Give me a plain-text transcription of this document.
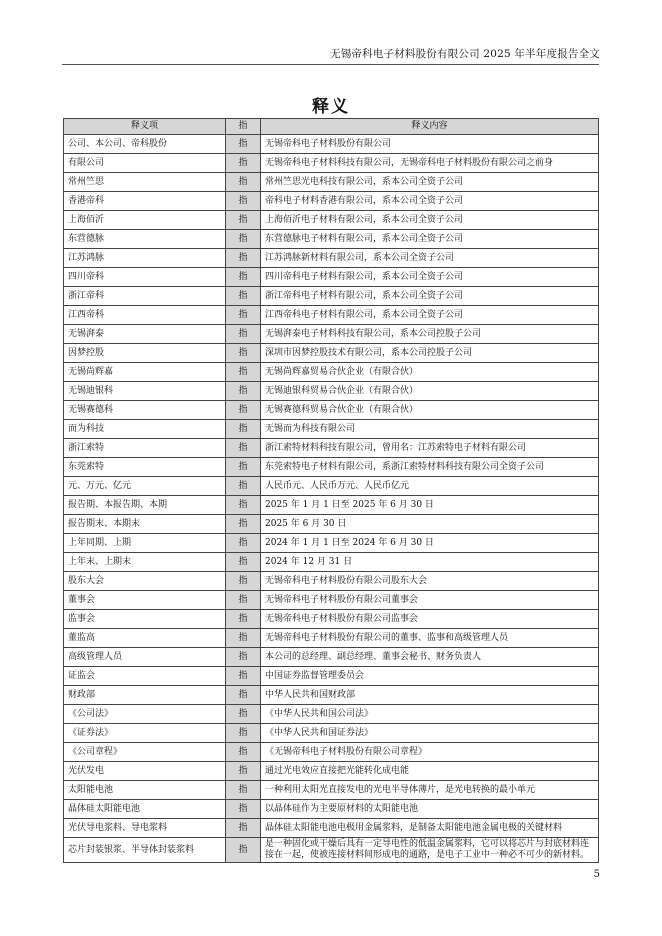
无锡帝科电子材料股份有限公司 2025 年半年度报告全文
释义
释义项	指	释义内容
公司、本公司、帝科股份	指	无锡帝科电子材料股份有限公司
有限公司	指	无锡帝科电子材料科技有限公司，无锡帝科电子材料股份有限公司之前身
常州竺思	指	常州竺思光电科技有限公司，系本公司全资子公司
香港帝科	指	帝科电子材料香港有限公司，系本公司全资子公司
上海佰沂	指	上海佰沂电子材料有限公司，系本公司全资子公司
东营德脉	指	东营德脉电子材料有限公司，系本公司全资子公司
江苏鸿脉	指	江苏鸿脉新材料有限公司，系本公司全资子公司
四川帝科	指	四川帝科电子材料有限公司，系本公司全资子公司
浙江帝科	指	浙江帝科电子材料有限公司，系本公司全资子公司
江西帝科	指	江西帝科电子材料有限公司，系本公司全资子公司
无锡湃泰	指	无锡湃泰电子材料科技有限公司，系本公司控股子公司
因梦控股	指	深圳市因梦控股技术有限公司，系本公司控股子公司
无锡尚辉嘉	指	无锡尚辉嘉贸易合伙企业（有限合伙）
无锡迪银科	指	无锡迪银科贸易合伙企业（有限合伙）
无锡赛德科	指	无锡赛德科贸易合伙企业（有限合伙）
而为科技	指	无锡而为科技有限公司
浙江索特	指	浙江索特材料科技有限公司，曾用名：江苏索特电子材料有限公司
东莞索特	指	东莞索特电子材料有限公司，系浙江索特材料科技有限公司全资子公司
元、万元、亿元	指	人民币元、人民币万元、人民币亿元
报告期、本报告期、本期	指	2025 年 1 月 1 日至 2025 年 6 月 30 日
报告期末、本期末	指	2025 年 6 月 30 日
上年同期、上期	指	2024 年 1 月 1 日至 2024 年 6 月 30 日
上年末、上期末	指	2024 年 12 月 31 日
股东大会	指	无锡帝科电子材料股份有限公司股东大会
董事会	指	无锡帝科电子材料股份有限公司董事会
监事会	指	无锡帝科电子材料股份有限公司监事会
董监高	指	无锡帝科电子材料股份有限公司的董事、监事和高级管理人员
高级管理人员	指	本公司的总经理、副总经理、董事会秘书、财务负责人
证监会	指	中国证券监督管理委员会
财政部	指	中华人民共和国财政部
《公司法》	指	《中华人民共和国公司法》
《证券法》	指	《中华人民共和国证券法》
《公司章程》	指	《无锡帝科电子材料股份有限公司章程》
光伏发电	指	通过光电效应直接把光能转化成电能
太阳能电池	指	一种利用太阳光直接发电的光电半导体薄片，是光电转换的最小单元
晶体硅太阳能电池	指	以晶体硅作为主要原材料的太阳能电池
光伏导电浆料、导电浆料	指	晶体硅太阳能电池电极用金属浆料，是制备太阳能电池金属电极的关键材料
芯片封装银浆、半导体封装浆料	指	是一种固化或干燥后具有一定导电性的低温金属浆料，它可以将芯片与封底材料连接在一起，使被连接材料间形成电的通路，是电子工业中一种必不可少的新材料。
5
